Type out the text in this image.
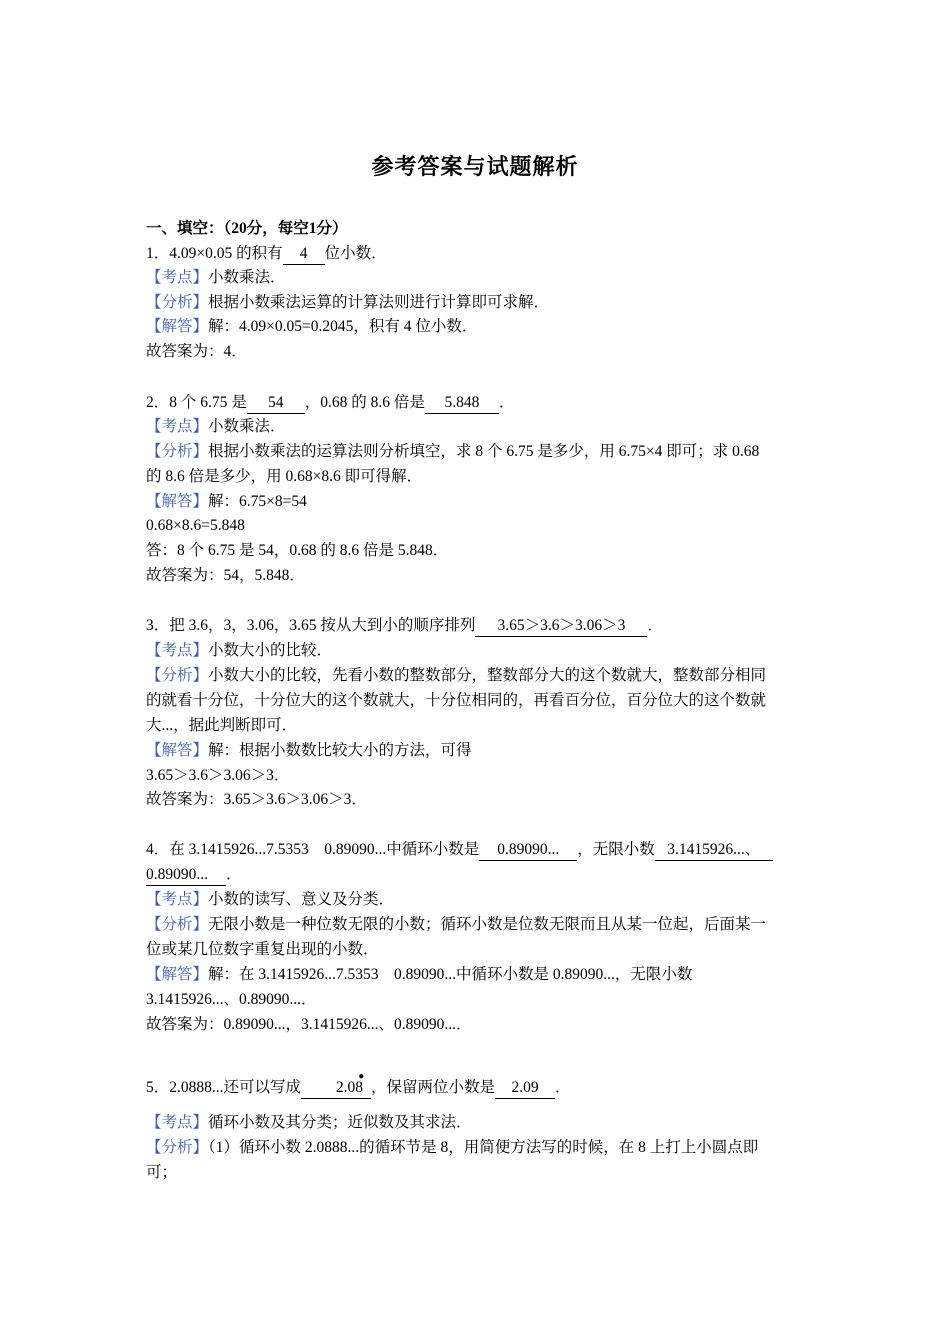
参考答案与试题解析
一、填空：（20分，每空1分）
1．4.09×0.05 的积有 4 位小数．
【考点】小数乘法．
【分析】根据小数乘法运算的计算法则进行计算即可求解．
【解答】解：4.09×0.05=0.2045，积有 4 位小数．
故答案为：4．
2．8 个 6.75 是 54 ，0.68 的 8.6 倍是 5.848 ．
【考点】小数乘法．
【分析】根据小数乘法的运算法则分析填空，求 8 个 6.75 是多少，用 6.75×4 即可；求 0.68
的 8.6 倍是多少，用 0.68×8.6 即可得解．
【解答】解：6.75×8=54
0.68×8.6=5.848
答：8 个 6.75 是 54，0.68 的 8.6 倍是 5.848．
故答案为：54，5.848．
3．把 3.6，3，3.06，3.65 按从大到小的顺序排列 3.65＞3.6＞3.06＞3 ．
【考点】小数大小的比较．
【分析】小数大小的比较，先看小数的整数部分，整数部分大的这个数就大，整数部分相同
的就看十分位，十分位大的这个数就大，十分位相同的，再看百分位，百分位大的这个数就
大...，据此判断即可．
【解答】解：根据小数数比较大小的方法，可得
3.65＞3.6＞3.06＞3．
故答案为：3.65＞3.6＞3.06＞3．
4．在 3.1415926...7.5353　0.89090...中循环小数是 0.89090... ，无限小数 3.1415926...、
0.89090... ．
【考点】小数的读写、意义及分类．
【分析】无限小数是一种位数无限的小数；循环小数是位数无限而且从某一位起，后面某一
位或某几位数字重复出现的小数．
【解答】解：在 3.1415926...7.5353　0.89090...中循环小数是 0.89090...，无限小数
3.1415926...、0.89090...．
故答案为：0.89090...，3.1415926...、0.89090...．
5．2.0888...还可以写成 2.0
●
8 ，保留两位小数是 2.09 ．
【考点】循环小数及其分类；近似数及其求法．
【分析】（1）循环小数 2.0888...的循环节是 8，用简便方法写的时候，在 8 上打上小圆点即
可；
